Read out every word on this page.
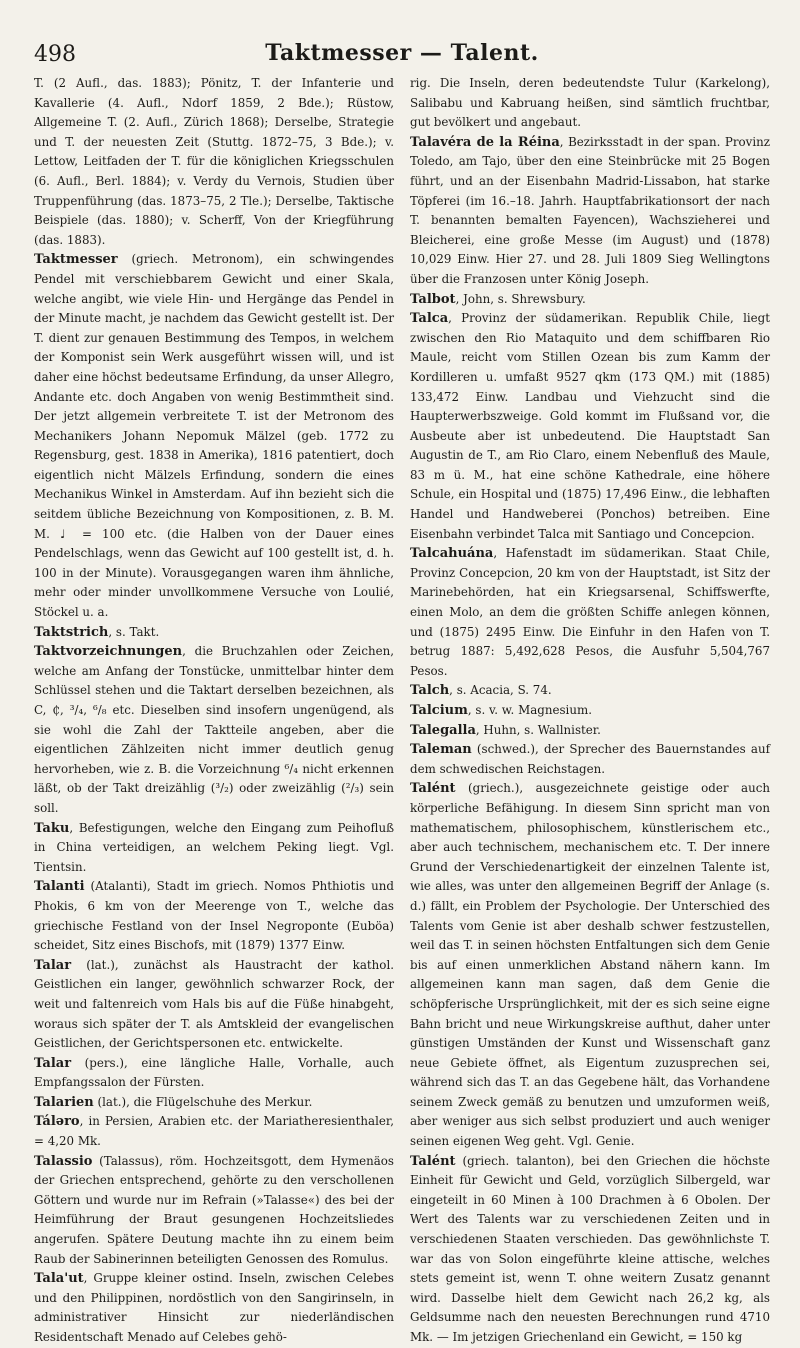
498	Taktmesser — Talent.

T. (2 Aufl., das. 1883); Pönitz, T. der Infanterie und Kavallerie (4. Aufl., Ndorf 1859, 2 Bde.); Rüstow, Allgemeine T. (2. Aufl., Zürich 1868); Derselbe, Strategie und T. der neuesten Zeit (Stuttg. 1872–75, 3 Bde.); v. Lettow, Leitfaden der T. für die königlichen Kriegsschulen (6. Aufl., Berl. 1884); v. Verdy du Vernois, Studien über Truppenführung (das. 1873–75, 2 Tle.); Derselbe, Taktische Beispiele (das. 1880); v. Scherff, Von der Kriegführung (das. 1883).

Taktmesser (griech. Metronom), ein schwingendes Pendel mit verschiebbarem Gewicht und einer Skala, welche angibt, wie viele Hin- und Hergänge das Pendel in der Minute macht, je nachdem das Gewicht gestellt ist. Der T. dient zur genauen Bestimmung des Tempos, in welchem der Komponist sein Werk ausgeführt wissen will, und ist daher eine höchst bedeutsame Erfindung, da unser Allegro, Andante etc. doch Angaben von wenig Bestimmtheit sind. Der jetzt allgemein verbreitete T. ist der Metronom des Mechanikers Johann Nepomuk Mälzel (geb. 1772 zu Regensburg, gest. 1838 in Amerika), 1816 patentiert, doch eigentlich nicht Mälzels Erfindung, sondern die eines Mechanikus Winkel in Amsterdam. Auf ihn bezieht sich die seitdem übliche Bezeichnung von Kompositionen, z. B. M. M. ♩ = 100 etc. (die Halben von der Dauer eines Pendelschlags, wenn das Gewicht auf 100 gestellt ist, d. h. 100 in der Minute). Vorausgegangen waren ihm ähnliche, mehr oder minder unvollkommene Versuche von Loulié, Stöckel u. a.

Taktstrich, s. Takt.

Taktvorzeichnungen, die Bruchzahlen oder Zeichen, welche am Anfang der Tonstücke, unmittelbar hinter dem Schlüssel stehen und die Taktart derselben bezeichnen, als C, ₵, ³/₄, ⁶/₈ etc. Dieselben sind insofern ungenügend, als sie wohl die Zahl der Taktteile angeben, aber die eigentlichen Zählzeiten nicht immer deutlich genug hervorheben, wie z. B. die Vorzeichnung ⁶/₄ nicht erkennen läßt, ob der Takt dreizählig (³/₂) oder zweizählig (²/₃) sein soll.

Taku, Befestigungen, welche den Eingang zum Peihofluß in China verteidigen, an welchem Peking liegt. Vgl. Tientsin.

Talanti (Atalanti), Stadt im griech. Nomos Phthiotis und Phokis, 6 km von der Meerenge von T., welche das griechische Festland von der Insel Negroponte (Euböa) scheidet, Sitz eines Bischofs, mit (1879) 1377 Einw.

Talar (lat.), zunächst als Haustracht der kathol. Geistlichen ein langer, gewöhnlich schwarzer Rock, der weit und faltenreich vom Hals bis auf die Füße hinabgeht, woraus sich später der T. als Amtskleid der evangelischen Geistlichen, der Gerichtspersonen etc. entwickelte.

Talar (pers.), eine längliche Halle, Vorhalle, auch Empfangssalon der Fürsten.

Talarien (lat.), die Flügelschuhe des Merkur.

Táləro, in Persien, Arabien etc. der Mariatheresienthaler, = 4,20 Mk.

Talassio (Talassus), röm. Hochzeitsgott, dem Hymenäos der Griechen entsprechend, gehörte zu den verschollenen Göttern und wurde nur im Refrain (»Talasse«) des bei der Heimführung der Braut gesungenen Hochzeitsliedes angerufen. Spätere Deutung machte ihn zu einem beim Raub der Sabinerinnen beteiligten Genossen des Romulus.

Tala'ut, Gruppe kleiner ostind. Inseln, zwischen Celebes und den Philippinen, nordöstlich von den Sangirinseln, in administrativer Hinsicht zur niederländischen Residentschaft Menado auf Celebes gehö-

rig. Die Inseln, deren bedeutendste Tulur (Karkelong), Salibabu und Kabruang heißen, sind sämtlich fruchtbar, gut bevölkert und angebaut.

Talavéra de la Réina, Bezirksstadt in der span. Provinz Toledo, am Tajo, über den eine Steinbrücke mit 25 Bogen führt, und an der Eisenbahn Madrid-Lissabon, hat starke Töpferei (im 16.–18. Jahrh. Hauptfabrikationsort der nach T. benannten bemalten Fayencen), Wachszieherei und Bleicherei, eine große Messe (im August) und (1878) 10,029 Einw. Hier 27. und 28. Juli 1809 Sieg Wellingtons über die Franzosen unter König Joseph.

Talbot, John, s. Shrewsbury.

Talca, Provinz der südamerikan. Republik Chile, liegt zwischen den Rio Mataquito und dem schiffbaren Rio Maule, reicht vom Stillen Ozean bis zum Kamm der Kordilleren u. umfaßt 9527 qkm (173 QM.) mit (1885) 133,472 Einw. Landbau und Viehzucht sind die Haupterwerbszweige. Gold kommt im Flußsand vor, die Ausbeute aber ist unbedeutend. Die Hauptstadt San Augustin de T., am Rio Claro, einem Nebenfluß des Maule, 83 m ü. M., hat eine schöne Kathedrale, eine höhere Schule, ein Hospital und (1875) 17,496 Einw., die lebhaften Handel und Handweberei (Ponchos) betreiben. Eine Eisenbahn verbindet Talca mit Santiago und Concepcion.

Talcahuána, Hafenstadt im südamerikan. Staat Chile, Provinz Concepcion, 20 km von der Hauptstadt, ist Sitz der Marinebehörden, hat ein Kriegsarsenal, Schiffswerfte, einen Molo, an dem die größten Schiffe anlegen können, und (1875) 2495 Einw. Die Einfuhr in den Hafen von T. betrug 1887: 5,492,628 Pesos, die Ausfuhr 5,504,767 Pesos.

Talch, s. Acacia, S. 74.

Talcium, s. v. w. Magnesium.

Talegalla, Huhn, s. Wallnister.

Taleman (schwed.), der Sprecher des Bauernstandes auf dem schwedischen Reichstagen.

Talént (griech.), ausgezeichnete geistige oder auch körperliche Befähigung. In diesem Sinn spricht man von mathematischem, philosophischem, künstlerischem etc., aber auch technischem, mechanischem etc. T. Der innere Grund der Verschiedenartigkeit der einzelnen Talente ist, wie alles, was unter den allgemeinen Begriff der Anlage (s. d.) fällt, ein Problem der Psychologie. Der Unterschied des Talents vom Genie ist aber deshalb schwer festzustellen, weil das T. in seinen höchsten Entfaltungen sich dem Genie bis auf einen unmerklichen Abstand nähern kann. Im allgemeinen kann man sagen, daß dem Genie die schöpferische Ursprünglichkeit, mit der es sich seine eigne Bahn bricht und neue Wirkungskreise aufthut, daher unter günstigen Umständen der Kunst und Wissenschaft ganz neue Gebiete öffnet, als Eigentum zuzusprechen sei, während sich das T. an das Gegebene hält, das Vorhandene seinem Zweck gemäß zu benutzen und umzuformen weiß, aber weniger aus sich selbst produziert und auch weniger seinen eigenen Weg geht. Vgl. Genie.

Talént (griech. talanton), bei den Griechen die höchste Einheit für Gewicht und Geld, vorzüglich Silbergeld, war eingeteilt in 60 Minen à 100 Drachmen à 6 Obolen. Der Wert des Talents war zu verschiedenen Zeiten und in verschiedenen Staaten verschieden. Das gewöhnlichste T. war das von Solon eingeführte kleine attische, welches stets gemeint ist, wenn T. ohne weitern Zusatz genannt wird. Dasselbe hielt dem Gewicht nach 26,2 kg, als Geldsumme nach den neuesten Berechnungen rund 4710 Mk. — Im jetzigen Griechenland ein Gewicht, = 150 kg
